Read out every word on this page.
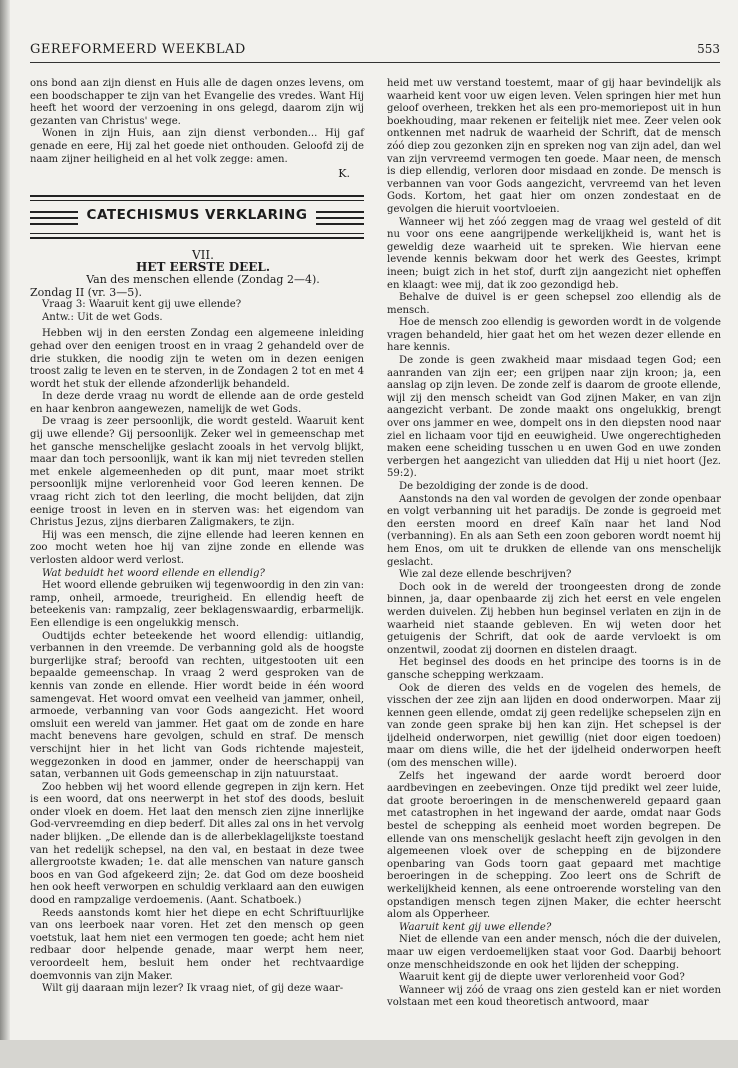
GEREFORMEERD WEEKBLAD	553

ons bond aan zijn dienst en Huis alle de dagen onzes levens, om een boodschapper te zijn van het Evangelie des vredes. Want Hij heeft het woord der verzoening in ons gelegd, daarom zijn wij gezanten van Christus' wege.

Wonen in zijn Huis, aan zijn dienst verbonden... Hij gaf genade en eere, Hij zal het goede niet onthouden. Geloofd zij de naam zijner heiligheid en al het volk zegge: amen.

K.
CATECHISMUS VERKLARING

VII.

HET EERSTE DEEL.

Van des menschen ellende (Zondag 2—4).

Zondag II (vr. 3—5).

Vraag 3: Waaruit kent gij uwe ellende?

Antw.: Uit de wet Gods.

Hebben wij in den eersten Zondag een algemeene inleiding gehad over den eenigen troost en in vraag 2 gehandeld over de drie stukken, die noodig zijn te weten om in dezen eenigen troost zalig te leven en te sterven, in de Zondagen 2 tot en met 4 wordt het stuk der ellende afzonderlijk behandeld.

In deze derde vraag nu wordt de ellende aan de orde gesteld en haar kenbron aangewezen, namelijk de wet Gods.

De vraag is zeer persoonlijk, die wordt gesteld. Waaruit kent gij uwe ellende? Gij persoonlijk. Zeker wel in gemeenschap met het gansche menschelijke geslacht zooals in het vervolg blijkt, maar dan toch persoonlijk, want ik kan mij niet tevreden stellen met enkele algemeenheden op dit punt, maar moet strikt persoonlijk mijne verlorenheid voor God leeren kennen. De vraag richt zich tot den leerling, die mocht belijden, dat zijn eenige troost in leven en in sterven was: het eigendom van Christus Jezus, zijns dierbaren Zaligmakers, te zijn.

Hij was een mensch, die zijne ellende had leeren kennen en zoo mocht weten hoe hij van zijne zonde en ellende was verlosten aldoor werd verlost.

Wat beduidt het woord ellende en ellendig?

Het woord ellende gebruiken wij tegenwoordig in den zin van: ramp, onheil, armoede, treurigheid. En ellendig heeft de beteekenis van: rampzalig, zeer beklagenswaardig, erbarmelijk. Een ellendige is een ongelukkig mensch.

Oudtijds echter beteekende het woord ellendig: uitlandig, verbannen in den vreemde. De verbanning gold als de hoogste burgerlijke straf; beroofd van rechten, uitgestooten uit een bepaalde gemeenschap. In vraag 2 werd gesproken van de kennis van zonde en ellende. Hier wordt beide in één woord samengevat. Het woord omvat een veelheid van jammer, onheil, armoede, verbanning van voor Gods aangezicht. Het woord omsluit een wereld van jammer. Het gaat om de zonde en hare macht benevens hare gevolgen, schuld en straf. De mensch verschijnt hier in het licht van Gods richtende majesteit, weggezonken in dood en jammer, onder de heerschappij van satan, verbannen uit Gods gemeenschap in zijn natuurstaat.

Zoo hebben wij het woord ellende gegrepen in zijn kern. Het is een woord, dat ons neerwerpt in het stof des doods, besluit onder vloek en doem. Het laat den mensch zien zijne innerlijke God-vervreemding en diep bederf. Dit alles zal ons in het vervolg nader blijken. „De ellende dan is de allerbeklagelijkste toestand van het redelijk schepsel, na den val, en bestaat in deze twee allergrootste kwaden; 1e. dat alle menschen van nature gansch boos en van God afgekeerd zijn; 2e. dat God om deze boosheid hen ook heeft verworpen en schuldig verklaard aan den euwigen dood en rampzalige verdoemenis. (Aant. Schatboek.)

Reeds aanstonds komt hier het diepe en echt Schriftuurlijke van ons leerboek naar voren. Het zet den mensch op geen voetstuk, laat hem niet een vermogen ten goede; acht hem niet redbaar door helpende genade, maar werpt hem neer, veroordeelt hem, besluit hem onder het rechtvaardige doemvonnis van zijn Maker.

Wilt gij daaraan mijn lezer? Ik vraag niet, of gij deze waar-

heid met uw verstand toestemt, maar of gij haar bevindelijk als waarheid kent voor uw eigen leven. Velen springen hier met hun geloof overheen, trekken het als een pro-memoriepost uit in hun boekhouding, maar rekenen er feitelijk niet mee. Zeer velen ook ontkennen met nadruk de waarheid der Schrift, dat de mensch zóó diep zou gezonken zijn en spreken nog van zijn adel, dan wel van zijn vervreemd vermogen ten goede. Maar neen, de mensch is diep ellendig, verloren door misdaad en zonde. De mensch is verbannen van voor Gods aangezicht, vervreemd van het leven Gods. Kortom, het gaat hier om onzen zondestaat en de gevolgen die hieruit voortvloeien.

Wanneer wij het zóó zeggen mag de vraag wel gesteld of dit nu voor ons eene aangrijpende werkelijkheid is, want het is geweldig deze waarheid uit te spreken. Wie hiervan eene levende kennis bekwam door het werk des Geestes, krimpt ineen; buigt zich in het stof, durft zijn aangezicht niet opheffen en klaagt: wee mij, dat ik zoo gezondigd heb.

Behalve de duivel is er geen schepsel zoo ellendig als de mensch.

Hoe de mensch zoo ellendig is geworden wordt in de volgende vragen behandeld, hier gaat het om het wezen dezer ellende en hare kennis.

De zonde is geen zwakheid maar misdaad tegen God; een aanranden van zijn eer; een grijpen naar zijn kroon; ja, een aanslag op zijn leven. De zonde zelf is daarom de groote ellende, wijl zij den mensch scheidt van God zijnen Maker, en van zijn aangezicht verbant. De zonde maakt ons ongelukkig, brengt over ons jammer en wee, dompelt ons in den diepsten nood naar ziel en lichaam voor tijd en eeuwigheid. Uwe ongerechtigheden maken eene scheiding tusschen u en uwen God en uwe zonden verbergen het aangezicht van uliedden dat Hij u niet hoort (Jez. 59:2).

De bezoldiging der zonde is de dood.

Aanstonds na den val worden de gevolgen der zonde openbaar en volgt verbanning uit het paradijs. De zonde is gegroeid met den eersten moord en dreef Kaïn naar het land Nod (verbanning). En als aan Seth een zoon geboren wordt noemt hij hem Enos, om uit te drukken de ellende van ons menschelijk geslacht.

Wie zal deze ellende beschrijven?

Doch ook in de wereld der troongeesten drong de zonde binnen, ja, daar openbaarde zij zich het eerst en vele engelen werden duivelen. Zij hebben hun beginsel verlaten en zijn in de waarheid niet staande gebleven. En wij weten door het getuigenis der Schrift, dat ook de aarde vervloekt is om onzentwil, zoodat zij doornen en distelen draagt.

Het beginsel des doods en het principe des toorns is in de gansche schepping werkzaam.

Ook de dieren des velds en de vogelen des hemels, de visschen der zee zijn aan lijden en dood onderworpen. Maar zij kennen geen ellende, omdat zij geen redelijke schepselen zijn en van zonde geen sprake bij hen kan zijn. Het schepsel is der ijdelheid onderworpen, niet gewillig (niet door eigen toedoen) maar om diens wille, die het der ijdelheid onderworpen heeft (om des menschen wille).

Zelfs het ingewand der aarde wordt beroerd door aardbevingen en zeebevingen. Onze tijd predikt wel zeer luide, dat groote beroeringen in de menschenwereld gepaard gaan met catastrophen in het ingewand der aarde, omdat naar Gods bestel de schepping als eenheid moet worden begrepen. De ellende van ons menschelijk geslacht heeft zijn gevolgen in den algemeenen vloek over de schepping en de bijzondere openbaring van Gods toorn gaat gepaard met machtige beroeringen in de schepping. Zoo leert ons de Schrift de werkelijkheid kennen, als eene ontroerende worsteling van den opstandigen mensch tegen zijnen Maker, die echter heerscht alom als Opperheer.

Waaruit kent gij uwe ellende?

Niet de ellende van een ander mensch, nóch die der duivelen, maar uw eigen verdoemelijken staat voor God. Daarbij behoort onze menschheidszonde en ook het lijden der schepping.

Waaruit kent gij de diepte uwer verlorenheid voor God?

Wanneer wij zóó de vraag ons zien gesteld kan er niet worden volstaan met een koud theoretisch antwoord, maar
